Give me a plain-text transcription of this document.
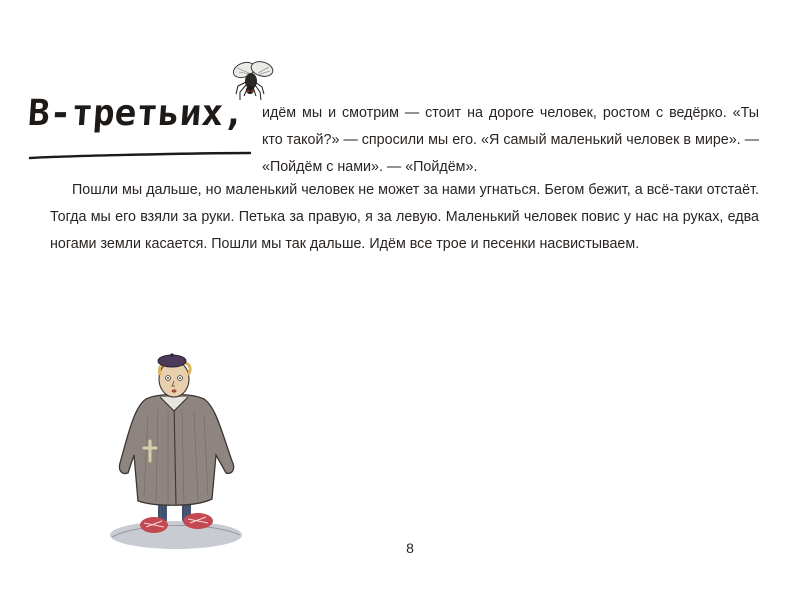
В-третьих, идём мы и смотрим — стоит на дороге человек, ростом с ведёрко. «Ты кто такой?» — спросили мы его. «Я самый маленький человек в мире». — «Пойдём с нами». — «Пойдём».

Пошли мы дальше, но маленький человек не может за нами угнаться. Бегом бежит, а всё-таки отстаёт. Тогда мы его взяли за руки. Петька за правую, я за левую. Маленький человек повис у нас на руках, едва ногами земли касается. Пошли мы так дальше. Идём все трое и песенки насвистываем.

8
